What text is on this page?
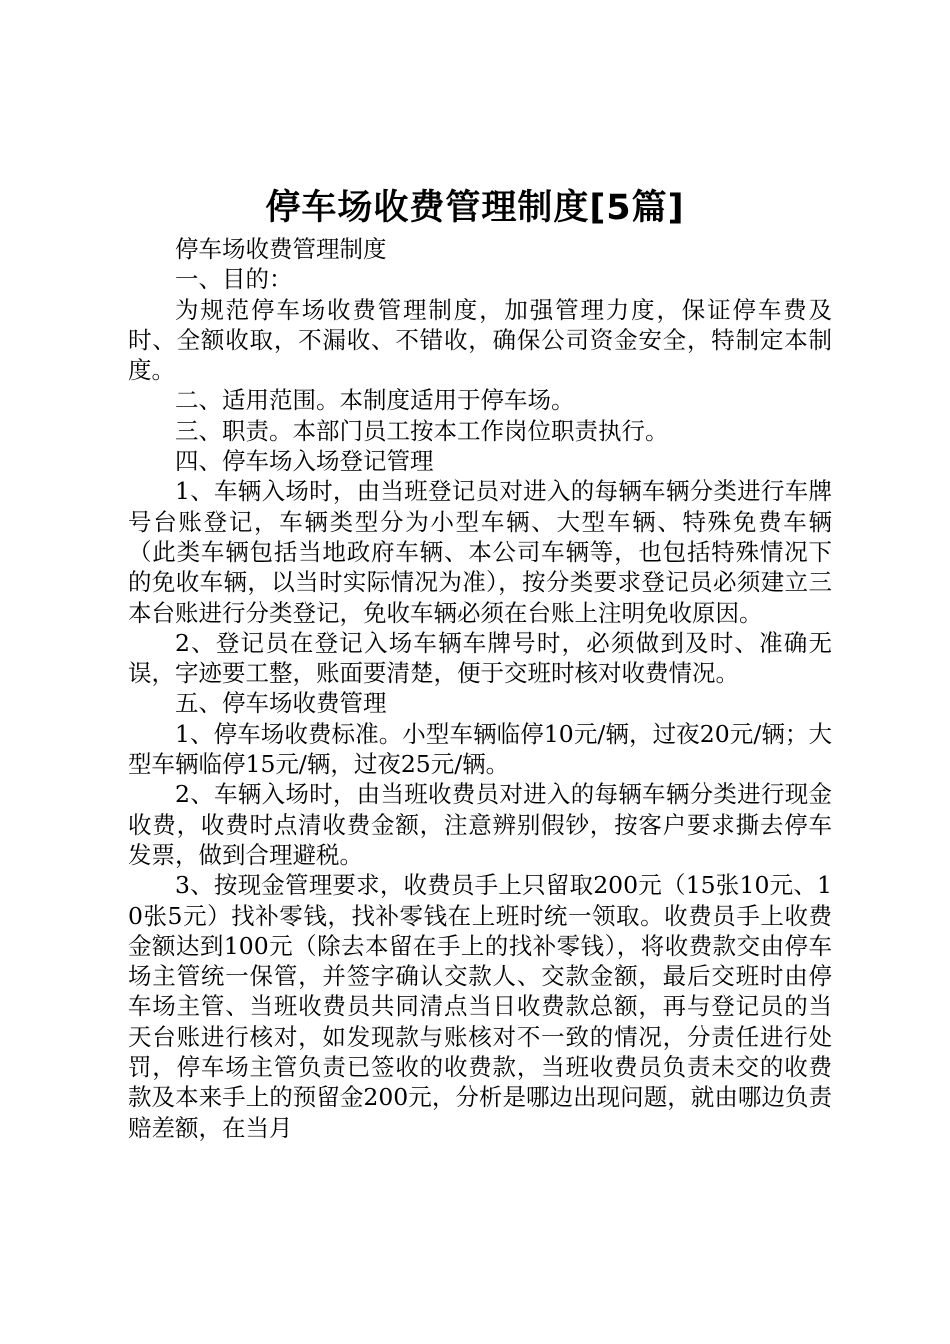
停车场收费管理制度[5篇]

停车场收费管理制度

一、目的：

为规范停车场收费管理制度，加强管理力度，保证停车费及时、全额收取，不漏收、不错收，确保公司资金安全，特制定本制度。

二、适用范围。本制度适用于停车场。

三、职责。本部门员工按本工作岗位职责执行。

四、停车场入场登记管理

1、车辆入场时，由当班登记员对进入的每辆车辆分类进行车牌号台账登记，车辆类型分为小型车辆、大型车辆、特殊免费车辆（此类车辆包括当地政府车辆、本公司车辆等，也包括特殊情况下的免收车辆，以当时实际情况为准），按分类要求登记员必须建立三本台账进行分类登记，免收车辆必须在台账上注明免收原因。

2、登记员在登记入场车辆车牌号时，必须做到及时、准确无误，字迹要工整，账面要清楚，便于交班时核对收费情况。

五、停车场收费管理

1、停车场收费标准。小型车辆临停10元/辆，过夜20元/辆；大型车辆临停15元/辆，过夜25元/辆。

2、车辆入场时，由当班收费员对进入的每辆车辆分类进行现金收费，收费时点清收费金额，注意辨别假钞，按客户要求撕去停车发票，做到合理避税。

3、按现金管理要求，收费员手上只留取200元（15张10元、10张5元）找补零钱，找补零钱在上班时统一领取。收费员手上收费金额达到100元（除去本留在手上的找补零钱），将收费款交由停车场主管统一保管，并签字确认交款人、交款金额，最后交班时由停车场主管、当班收费员共同清点当日收费款总额，再与登记员的当天台账进行核对，如发现款与账核对不一致的情况，分责任进行处罚，停车场主管负责已签收的收费款，当班收费员负责未交的收费款及本来手上的预留金200元，分析是哪边出现问题，就由哪边负责赔差额，在当月
